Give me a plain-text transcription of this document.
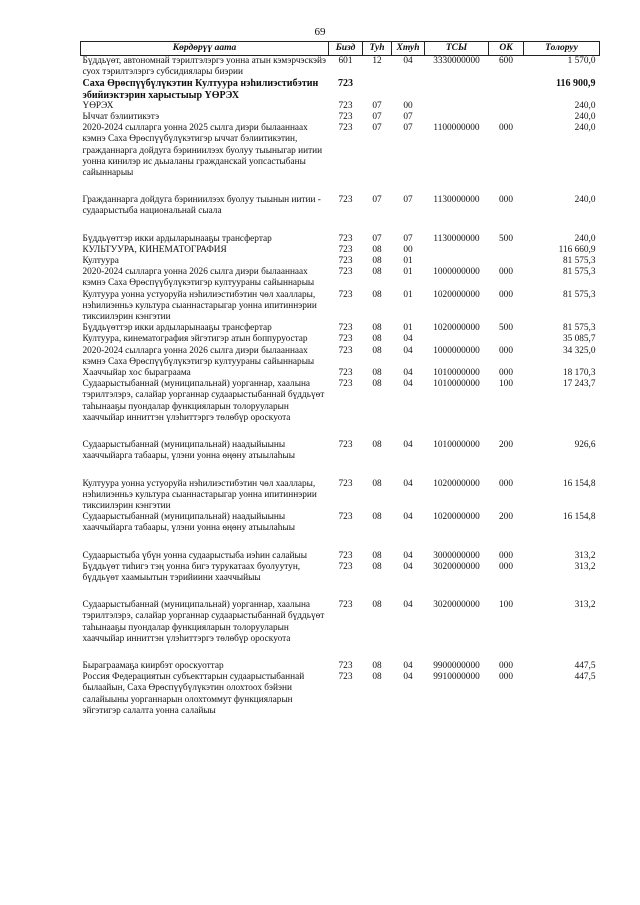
69
Көрдөрүү аата	Бизд	Туһ	Хтуһ	ТСЫ	ОК	Толоруу
Бүддьүөт, автономнай тэрилтэлэргэ уонна атын кэмэрчэскэйэ суох тэрилтэлэргэ субсидиялары биэрии	601	12	04	3330000000	600	1 570,0
Саха Өрөспүүбүлүкэтин Култуура нэһилиэстибэтин эбийиэктэрин харыстыыр ҮӨРЭХ	723					116 900,9
ҮӨРЭХ	723	07	00			240,0
Ыччат бэлиитикэтэ	723	07	07			240,0
2020-2024 сылларга уонна 2025 сылга диэри былааннаах кэмнэ Саха Өрөспүүбүлүкэтигэр ыччат бэлиитикэтин, гражданнарга дойдуга бэриниилээх буолуу тыыныгар иитии уонна кинилэр ис дьыаланы гражданскай уопсастыбаны сайыннарыы	723	07	07	1100000000	000	240,0
Гражданнарга дойдуга бэриниилээх буолуу тыынын иитии - судаарыстыба национальнай сыала	723	07	07	1130000000	000	240,0
Бүддьүөттэр икки ардыларынааҕы трансфертар	723	07	07	1130000000	500	240,0
КУЛЬТУУРА, КИНЕМАТОГРАФИЯ	723	08	00			116 660,9
Култуура	723	08	01			81 575,3
2020-2024 сылларга уонна 2026 сылга диэри былааннаах кэмнэ Саха Өрөспүүбүлүкэтигэр култуураны сайыннарыы	723	08	01	1000000000	000	81 575,3
Култуура уонна устуоруйа нэһилиэстибэтин чөл хааллары, нэһилиэнньэ культура сыаннастарыгар уонна ипитиннэрии тиксиилэрин кэнгэтии	723	08	01	1020000000	000	81 575,3
Бүддьүөттэр икки ардыларынааҕы трансфертар	723	08	01	1020000000	500	81 575,3
Култуура, кинематография эйгэтигэр атын боппуруостар	723	08	04			35 085,7
2020-2024 сылларга уонна 2026 сылга диэри былааннаах кэмнэ Саха Өрөспүүбүлүкэтигэр култуураны сайыннарыы	723	08	04	1000000000	000	34 325,0
Хааччыйар хос быраграама	723	08	04	1010000000	000	18 170,3
Судаарыстыбаннай (муниципальнай) уорганнар, хаалына тэрилтэлэрэ, салайар уорганнар судаарыстыбаннай бүддьүөт таһынааҕы пуондалар функцияларын толорууларын хааччыйар инниттэн үлэһиттэргэ төлөбүр ороскуота	723	08	04	1010000000	100	17 243,7
Судаарыстыбаннай (муниципальнай) наадыйыыны хааччыйарга табаары, үлэни уонна өңөну атыылаһыы	723	08	04	1010000000	200	926,6
Култуура уонна устуоруйа нэһилиэстибэтин чөл хааллары, нэһилиэнньэ культура сыаннастарыгар уонна ипитиннэрии тиксиилэрин кэнгэтии	723	08	04	1020000000	000	16 154,8
Судаарыстыбаннай (муниципальнай) наадыйыыны хааччыйарга табаары, үлэни уонна өңөну атыылаһыы	723	08	04	1020000000	200	16 154,8
Судаарыстыба үбүн уонна судаарыстыба иэһин салайыы	723	08	04	3000000000	000	313,2
Бүддьүөт тиһигэ тэң уонна бигэ турукатаах буолуутун, бүддьүөт хаамыытын тэрийиини хааччыйыы	723	08	04	3020000000	000	313,2
Судаарыстыбаннай (муниципальнай) уорганнар, хаалына тэрилтэлэрэ, салайар уорганнар судаарыстыбаннай бүддьүөт таһынааҕы пуондалар функцияларын толорууларын хааччыйар инниттэн үлэһиттэргэ төлөбүр ороскуота	723	08	04	3020000000	100	313,2
Быраграамаҕа киирбэт ороскуоттар	723	08	04	9900000000	000	447,5
Россия Федерациятын субъекттарын судаарыстыбаннай былаайын, Саха Өрөспүүбүлүкэтин олохтоох бэйэни салайыыны уорганнарын олохтоммут функцияларын эйгэтигэр салалта уонна салайыы	723	08	04	9910000000	000	447,5
